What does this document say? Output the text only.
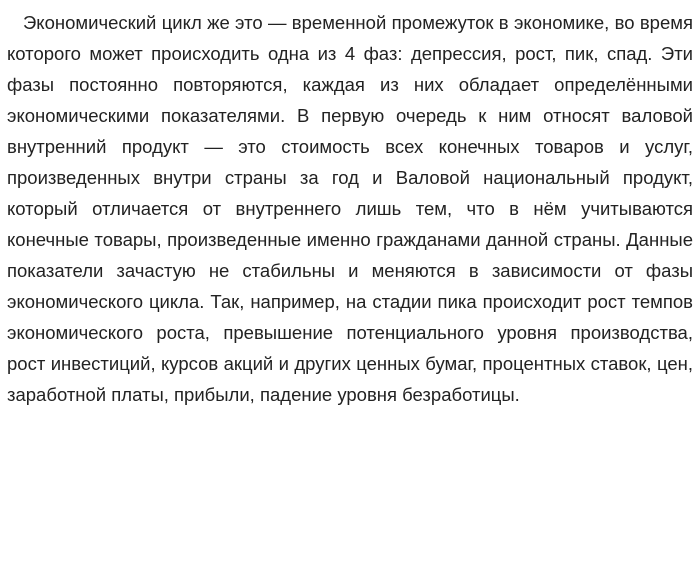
Экономический цикл же это — временной промежуток в экономике, во время которого может происходить одна из 4 фаз: депрессия, рост, пик, спад. Эти фазы постоянно повторяются, каждая из них обладает определёнными экономическими показателями. В первую очередь к ним относят валовой внутренний продукт — это стоимость всех конечных товаров и услуг, произведенных внутри страны за год и Валовой национальный продукт, который отличается от внутреннего лишь тем, что в нём учитываются конечные товары, произведенные именно гражданами данной страны. Данные показатели зачастую не стабильны и меняются в зависимости от фазы экономического цикла. Так, например, на стадии пика происходит рост темпов экономического роста, превышение потенциального уровня производства, рост инвестиций, курсов акций и других ценных бумаг, процентных ставок, цен, заработной платы, прибыли, падение уровня безработицы.
